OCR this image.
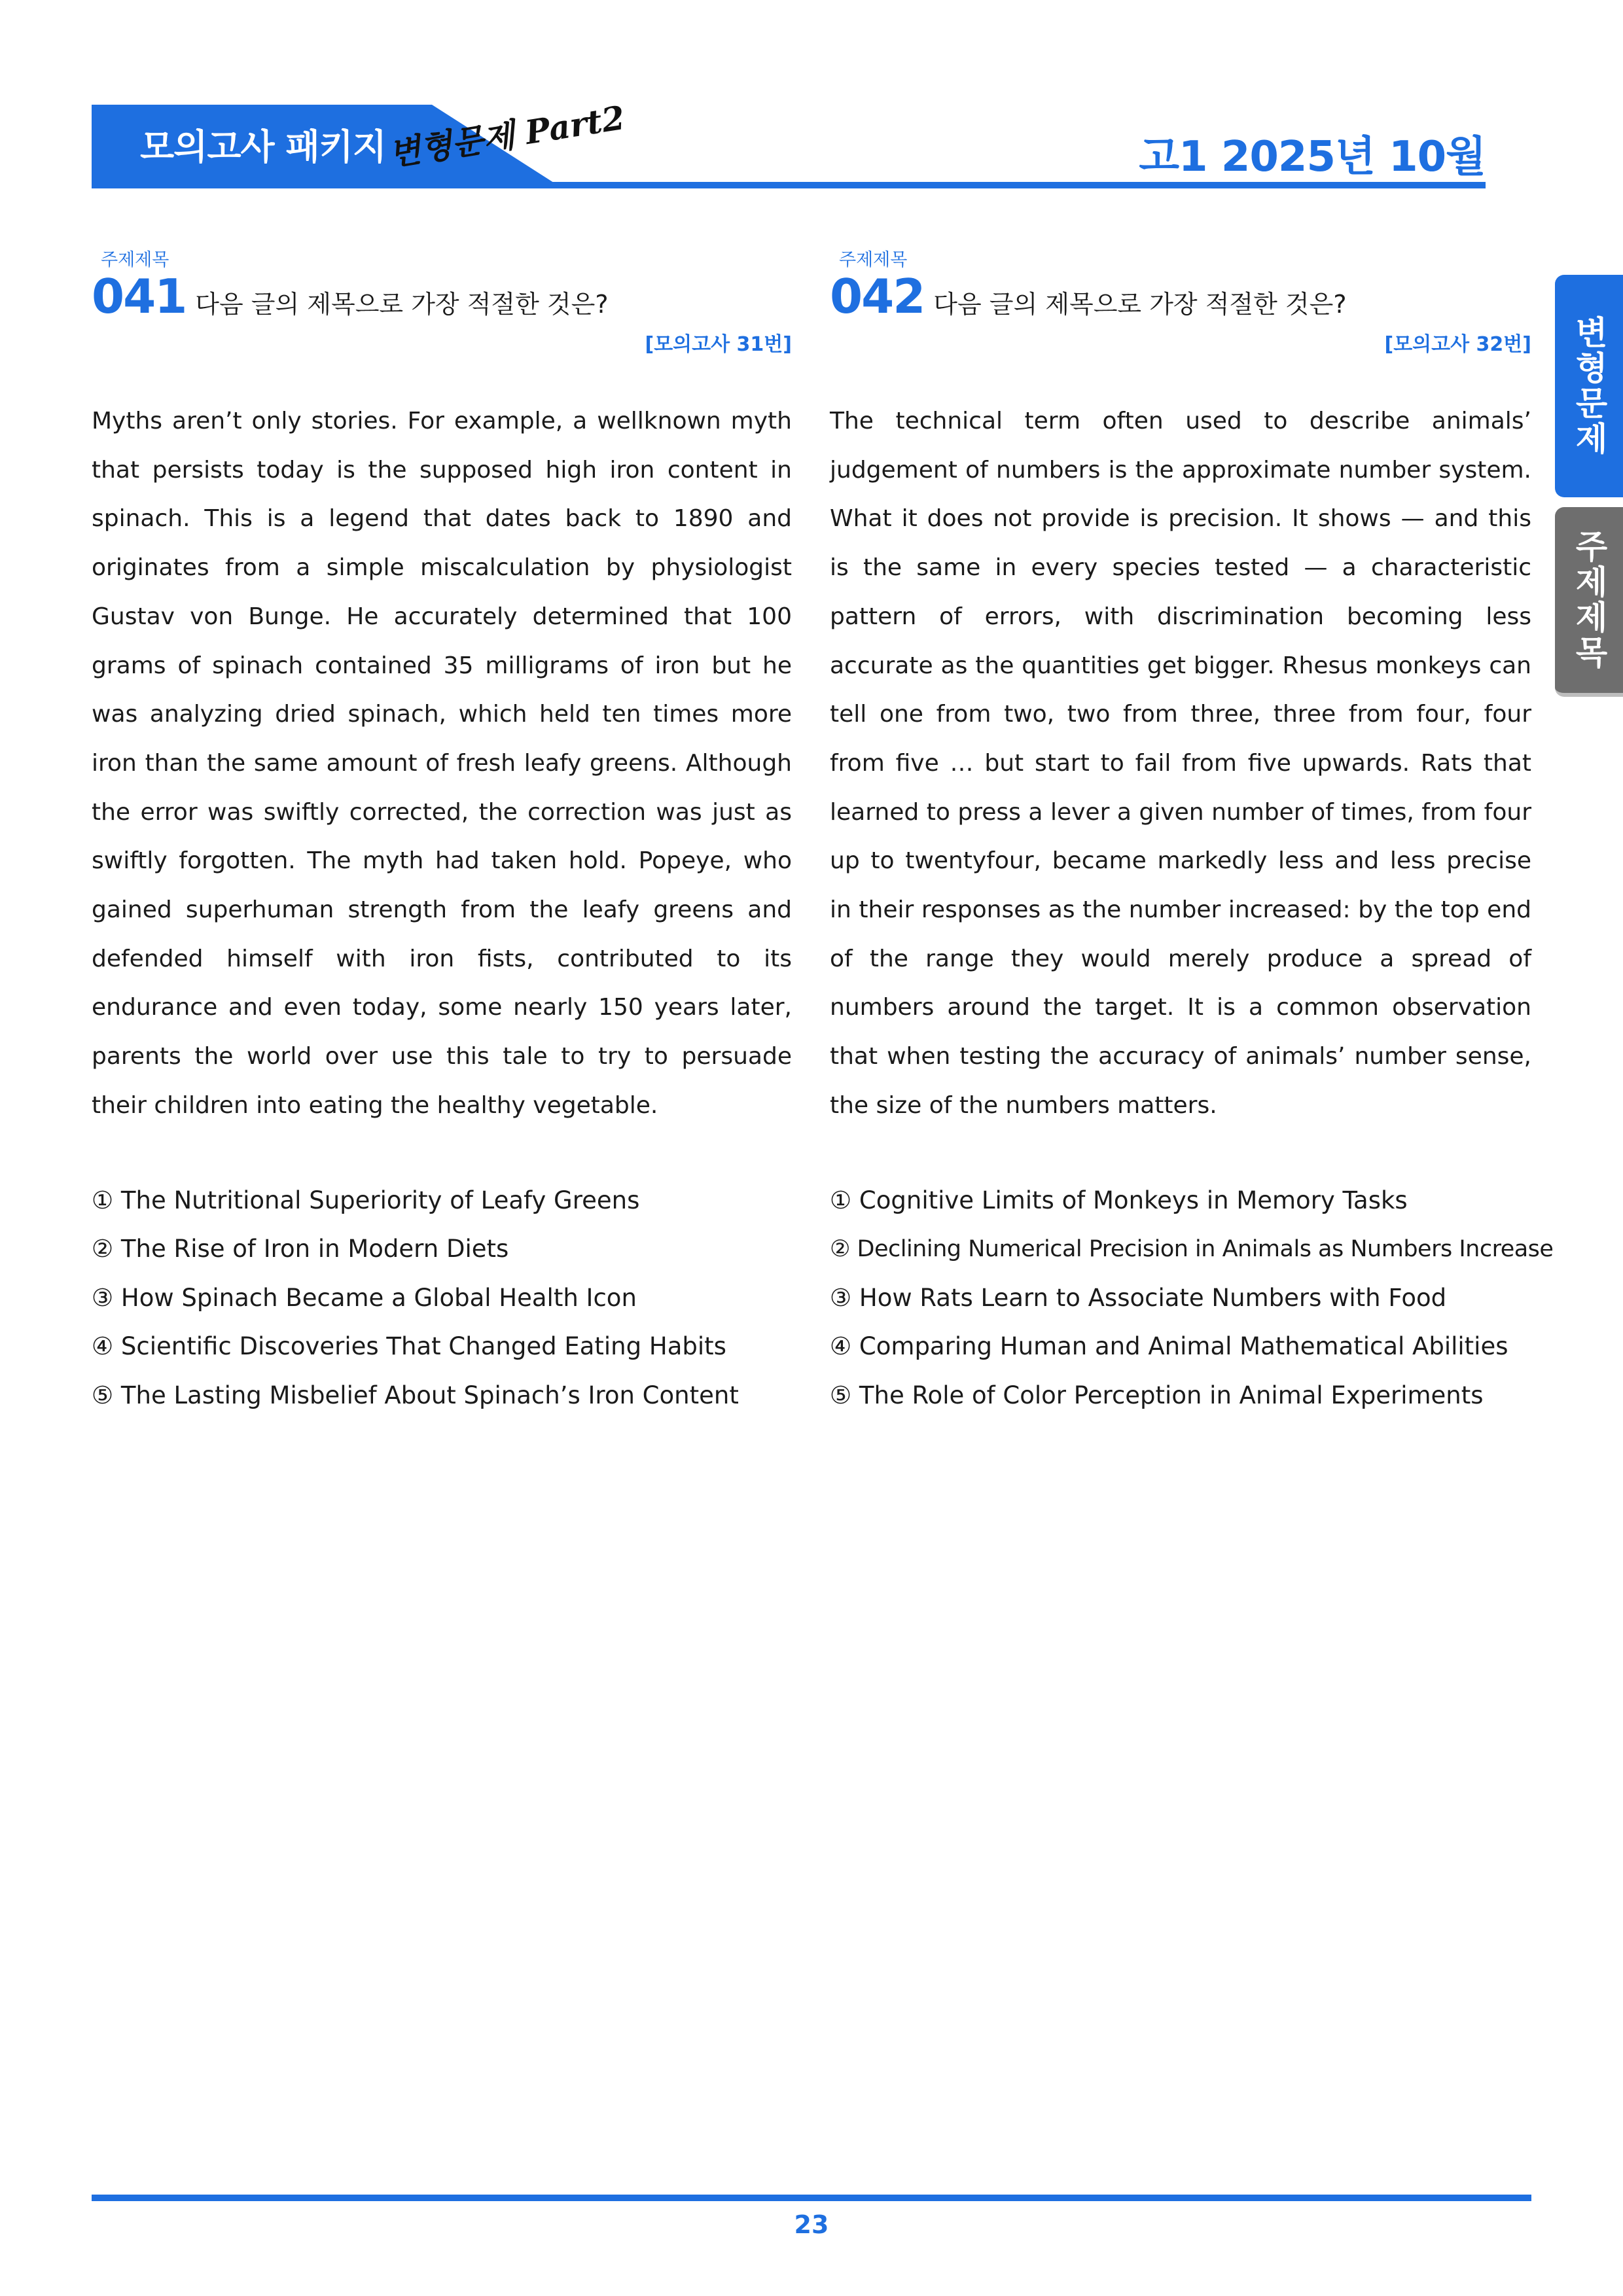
모의고사 패키지 변형문제 Part2
고1 2025년 10월
변형문제
주제제목
주제제목
041 다음 글의 제목으로 가장 적절한 것은?
[모의고사 31번]
Myths aren’t only stories. For example, a wellknown myth that persists today is the supposed high iron content in spinach. This is a legend that dates back to 1890 and originates from a simple miscalculation by physiologist Gustav von Bunge. He accurately determined that 100 grams of spinach contained 35 milligrams of iron but he was analyzing dried spinach, which held ten times more iron than the same amount of fresh leafy greens. Although the error was swiftly corrected, the correction was just as swiftly forgotten. The myth had taken hold. Popeye, who gained superhuman strength from the leafy greens and defended himself with iron fists, contributed to its endurance and even today, some nearly 150 years later, parents the world over use this tale to try to persuade their children into eating the healthy vegetable.
① The Nutritional Superiority of Leafy Greens
② The Rise of Iron in Modern Diets
③ How Spinach Became a Global Health Icon
④ Scientific Discoveries That Changed Eating Habits
⑤ The Lasting Misbelief About Spinach’s Iron Content
주제제목
042 다음 글의 제목으로 가장 적절한 것은?
[모의고사 32번]
The technical term often used to describe animals’ judgement of numbers is the approximate number system. What it does not provide is precision. It shows — and this is the same in every species tested — a characteristic pattern of errors, with discrimination becoming less accurate as the quantities get bigger. Rhesus monkeys can tell one from two, two from three, three from four, four from five … but start to fail from five upwards. Rats that learned to press a lever a given number of times, from four up to twentyfour, became markedly less and less precise in their responses as the number increased: by the top end of the range they would merely produce a spread of numbers around the target. It is a common observation that when testing the accuracy of animals’ number sense, the size of the numbers matters.
① Cognitive Limits of Monkeys in Memory Tasks
② Declining Numerical Precision in Animals as Numbers Increase
③ How Rats Learn to Associate Numbers with Food
④ Comparing Human and Animal Mathematical Abilities
⑤ The Role of Color Perception in Animal Experiments
23
